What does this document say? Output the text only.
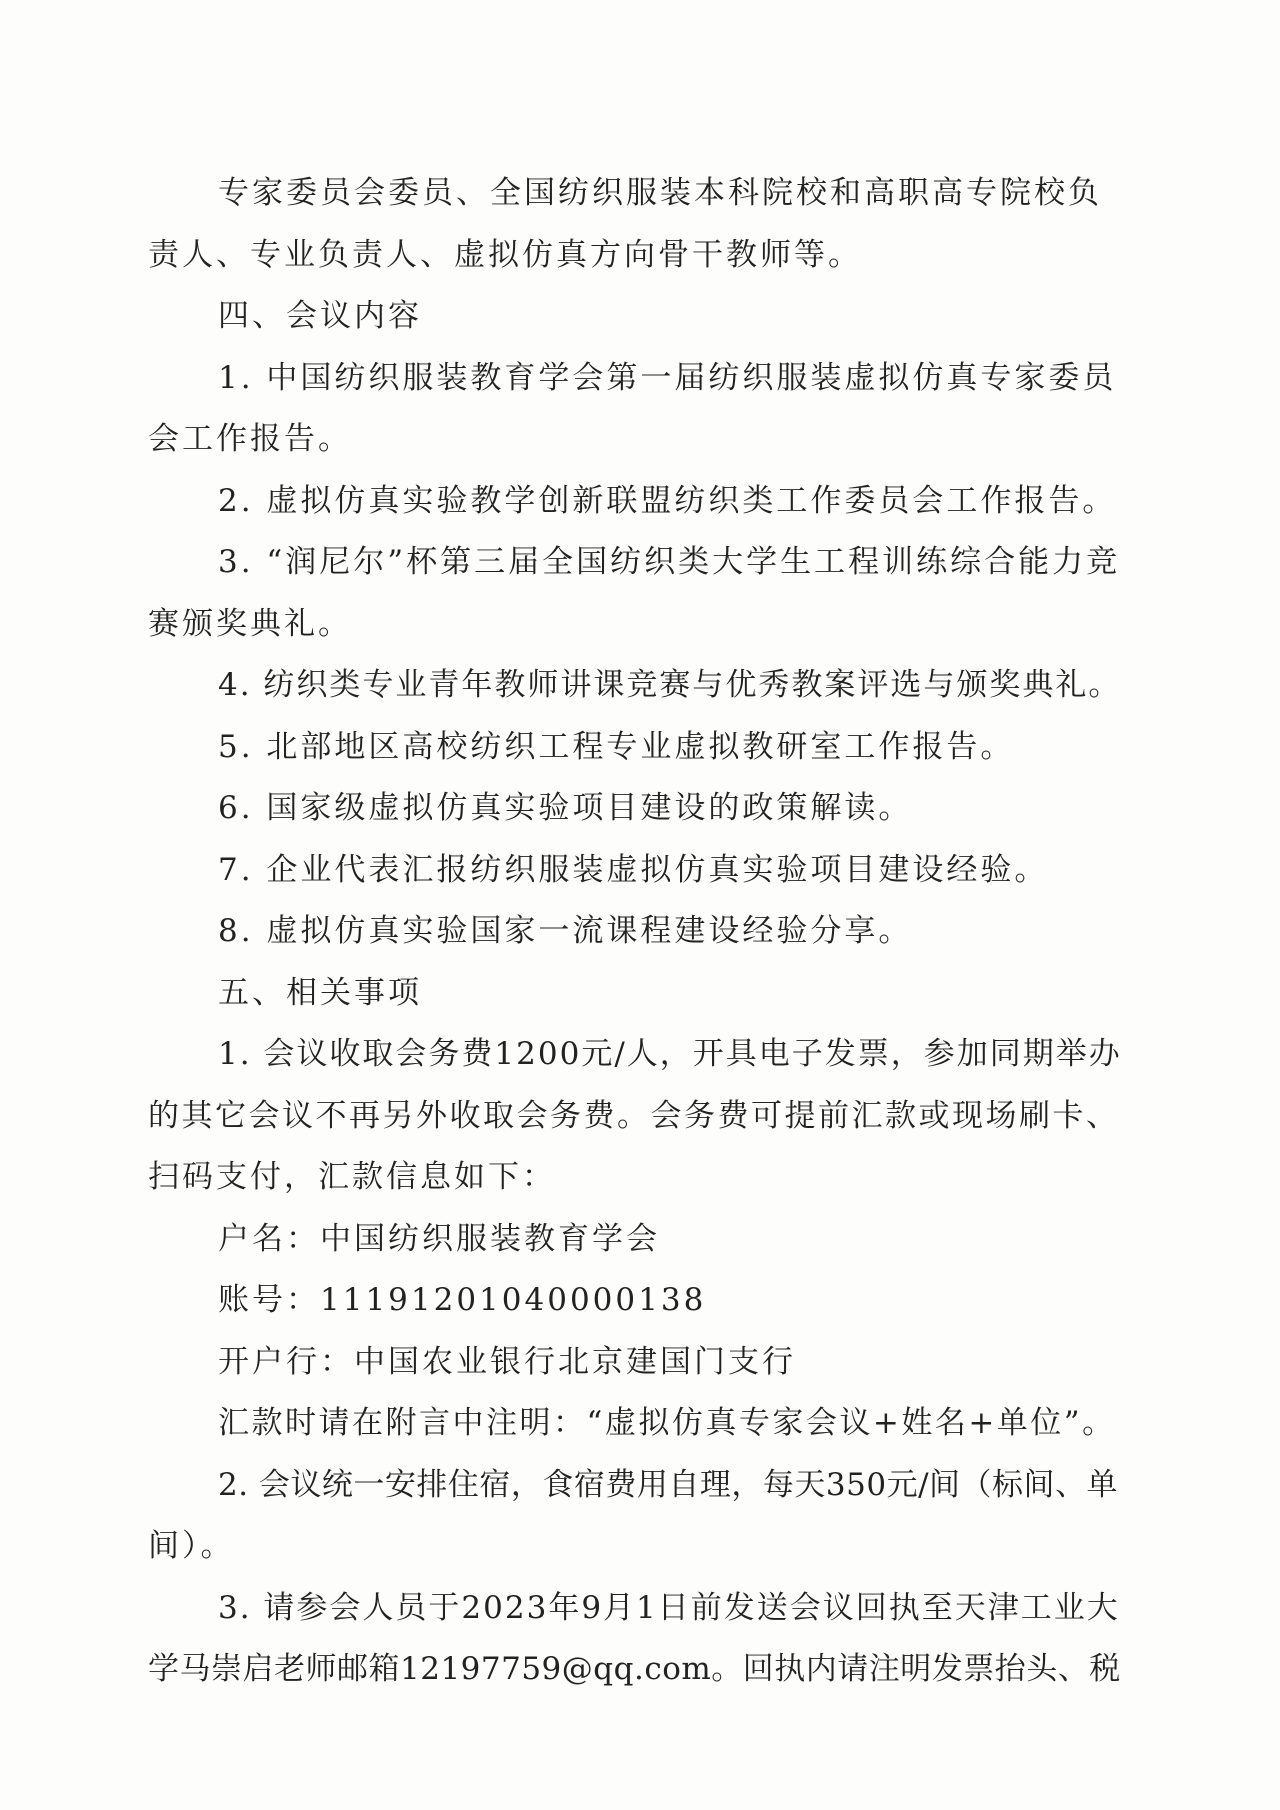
专家委员会委员、全国纺织服装本科院校和高职高专院校负
责人、专业负责人、虚拟仿真方向骨干教师等。
四、会议内容
1. 中国纺织服装教育学会第一届纺织服装虚拟仿真专家委员
会工作报告。
2. 虚拟仿真实验教学创新联盟纺织类工作委员会工作报告。
3. “润尼尔”杯第三届全国纺织类大学生工程训练综合能力竞
赛颁奖典礼。
4. 纺织类专业青年教师讲课竞赛与优秀教案评选与颁奖典礼。
5. 北部地区高校纺织工程专业虚拟教研室工作报告。
6. 国家级虚拟仿真实验项目建设的政策解读。
7. 企业代表汇报纺织服装虚拟仿真实验项目建设经验。
8. 虚拟仿真实验国家一流课程建设经验分享。
五、相关事项
1. 会议收取会务费1200元/人，开具电子发票，参加同期举办
的其它会议不再另外收取会务费。会务费可提前汇款或现场刷卡、
扫码支付，汇款信息如下：
户名：中国纺织服装教育学会
账号：11191201040000138
开户行：中国农业银行北京建国门支行
汇款时请在附言中注明：“虚拟仿真专家会议+姓名+单位”。
2. 会议统一安排住宿，食宿费用自理，每天350元/间（标间、单
间）。
3. 请参会人员于2023年9月1日前发送会议回执至天津工业大
学马崇启老师邮箱12197759@qq.com。回执内请注明发票抬头、税
